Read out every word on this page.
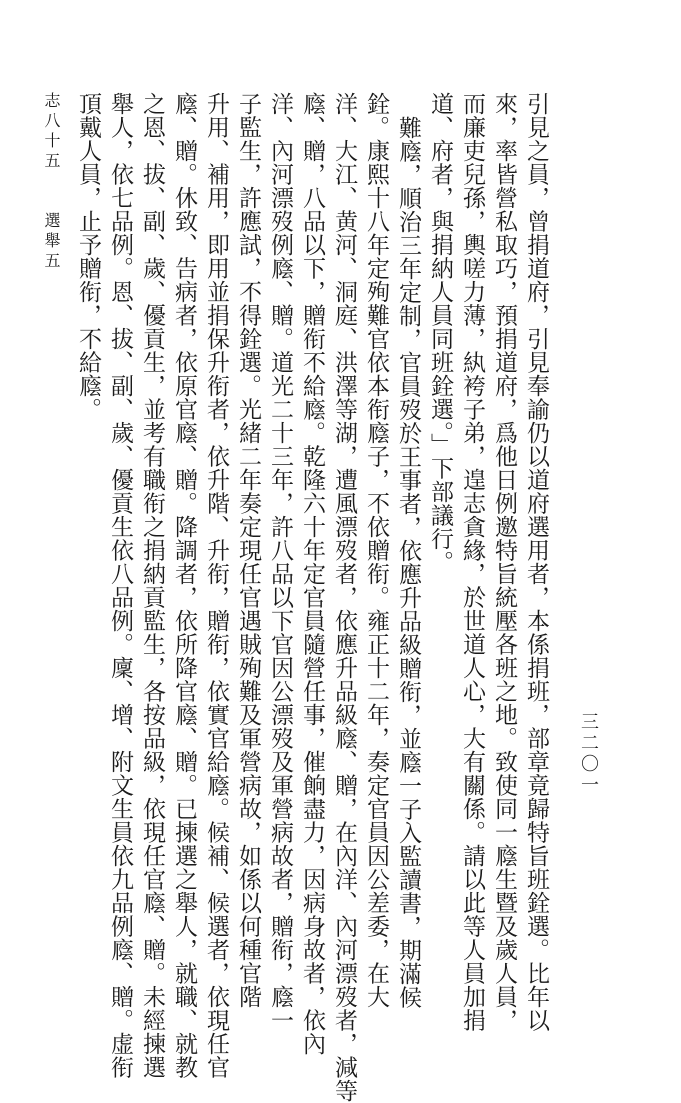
引見之員，曾捐道府，引見奉諭仍以道府選用者，本係捐班，部章竟歸特旨班銓選。比年以
來，率皆營私取巧，預捐道府，爲他日例邀特旨統壓各班之地。致使同一廕生暨及歲人員，
而廉吏兒孫，輿嗟力薄，紈袴子弟，遑志貪緣，於世道人心，大有關係。請以此等人員加捐
道、府者，與捐納人員同班銓選。」下部議行。
難廕，順治三年定制，官員歿於王事者，依應升品級贈衔，並廕一子入監讀書，期滿候
銓。康熙十八年定殉難官依本衔廕子，不依贈衔。雍正十二年，奏定官員因公差委，在大
洋、大江、黄河、洞庭、洪澤等湖，遭風漂歿者，依應升品級廕、贈，在內洋、內河漂歿者，減等
廕、贈，八品以下，贈衔不給廕。乾隆六十年定官員隨營任事，催餉盡力，因病身故者，依內
洋、內河漂歿例廕、贈。道光二十三年，許八品以下官因公漂歿及軍營病故者，贈衔，廕一
子監生，許應試，不得銓選。光緒二年奏定現任官遇賊殉難及軍營病故，如係以何種官階
升用、補用，即用並捐保升衔者，依升階、升衔，贈衔，依實官給廕。候補、候選者，依現任官
廕、贈。休致、告病者，依原官廕、贈。降調者，依所降官廕、贈。已揀選之舉人，就職、就教
之恩、拔、副、歲、優貢生，並考有職衔之捐納貢監生，各按品級，依現任官廕、贈。未經揀選
舉人，依七品例。恩、拔、副、歲、優貢生依八品例。廩、增、附文生員依九品例廕、贈。虚衔
頂戴人員，止予贈衔，不給廕。
志八十五
選舉五
三二〇一
